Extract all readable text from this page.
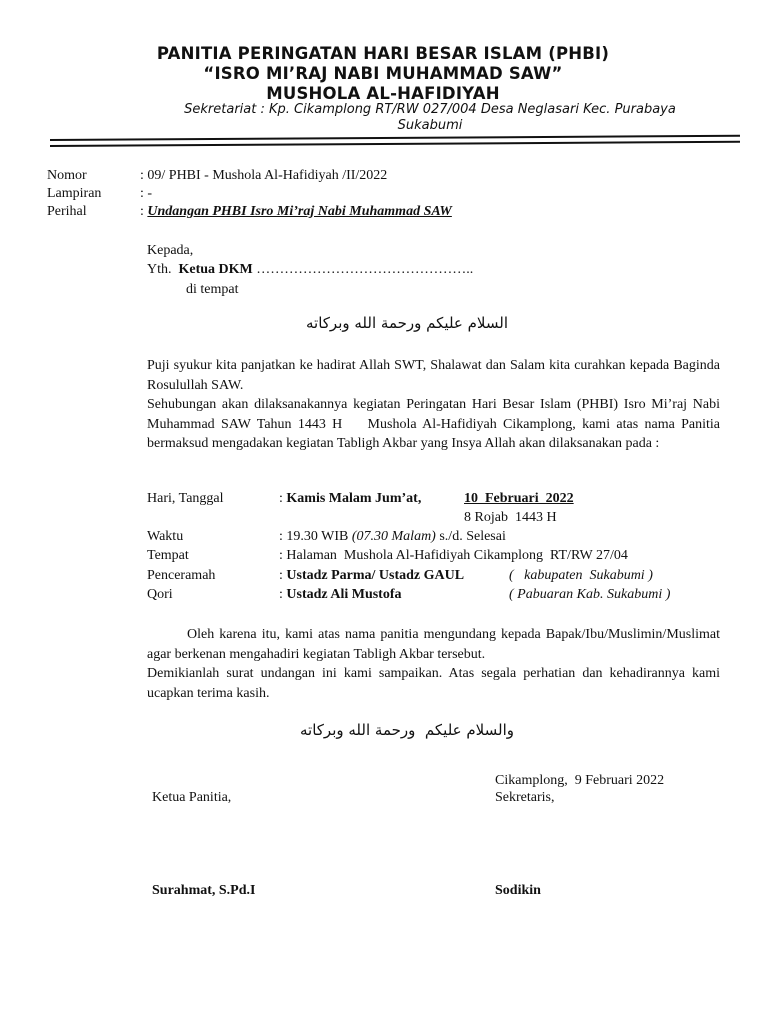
PANITIA PERINGATAN HARI BESAR ISLAM (PHBI)
“ISRO MI’RAJ NABI MUHAMMAD SAW”
MUSHOLA AL-HAFIDIYAH
Sekretariat : Kp. Cikamplong RT/RW 027/004 Desa Neglasari Kec. Purabaya
Sukabumi
Nomor	: 09/ PHBI - Mushola Al-Hafidiyah /II/2022
Lampiran	: -
Perihal	: Undangan PHBI Isro Mi’raj Nabi Muhammad SAW
Kepada,
Yth. Ketua DKM ………………………………………..
di tempat
السلام عليكم ورحمة الله وبركاته

Puji syukur kita panjatkan ke hadirat Allah SWT, Shalawat dan Salam kita curahkan kepada Baginda Rosulullah SAW.

Sehubungan akan dilaksanakannya kegiatan Peringatan Hari Besar Islam (PHBI) Isro Mi’raj Nabi Muhammad SAW Tahun 1443 H    Mushola Al-Hafidiyah Cikamplong, kami atas nama Panitia bermaksud mengadakan kegiatan Tabligh Akbar yang Insya Allah akan dilaksanakan pada :

Hari, Tanggal	: Kamis Malam Jum’at,	10  Februari  2022
8 Rojab  1443 H
Waktu	: 19.30 WIB (07.30 Malam) s./d. Selesai
Tempat	: Halaman  Mushola Al-Hafidiyah Cikamplong  RT/RW 27/04
Penceramah	: Ustadz Parma/ Ustadz GAUL	(   kabupaten  Sukabumi )
Qori	: Ustadz Ali Mustofa	( Pabuaran Kab. Sukabumi )

Oleh karena itu, kami atas nama panitia mengundang kepada Bapak/Ibu/Muslimin/Muslimat agar berkenan mengahadiri kegiatan Tabligh Akbar tersebut.

Demikianlah surat undangan ini kami sampaikan. Atas segala perhatian dan kehadirannya kami ucapkan terima kasih.

والسلام عليكم  ورحمة الله وبركاته
Cikamplong,  9 Februari 2022
Ketua Panitia,	Sekretaris,
Surahmat, S.Pd.I	Sodikin
